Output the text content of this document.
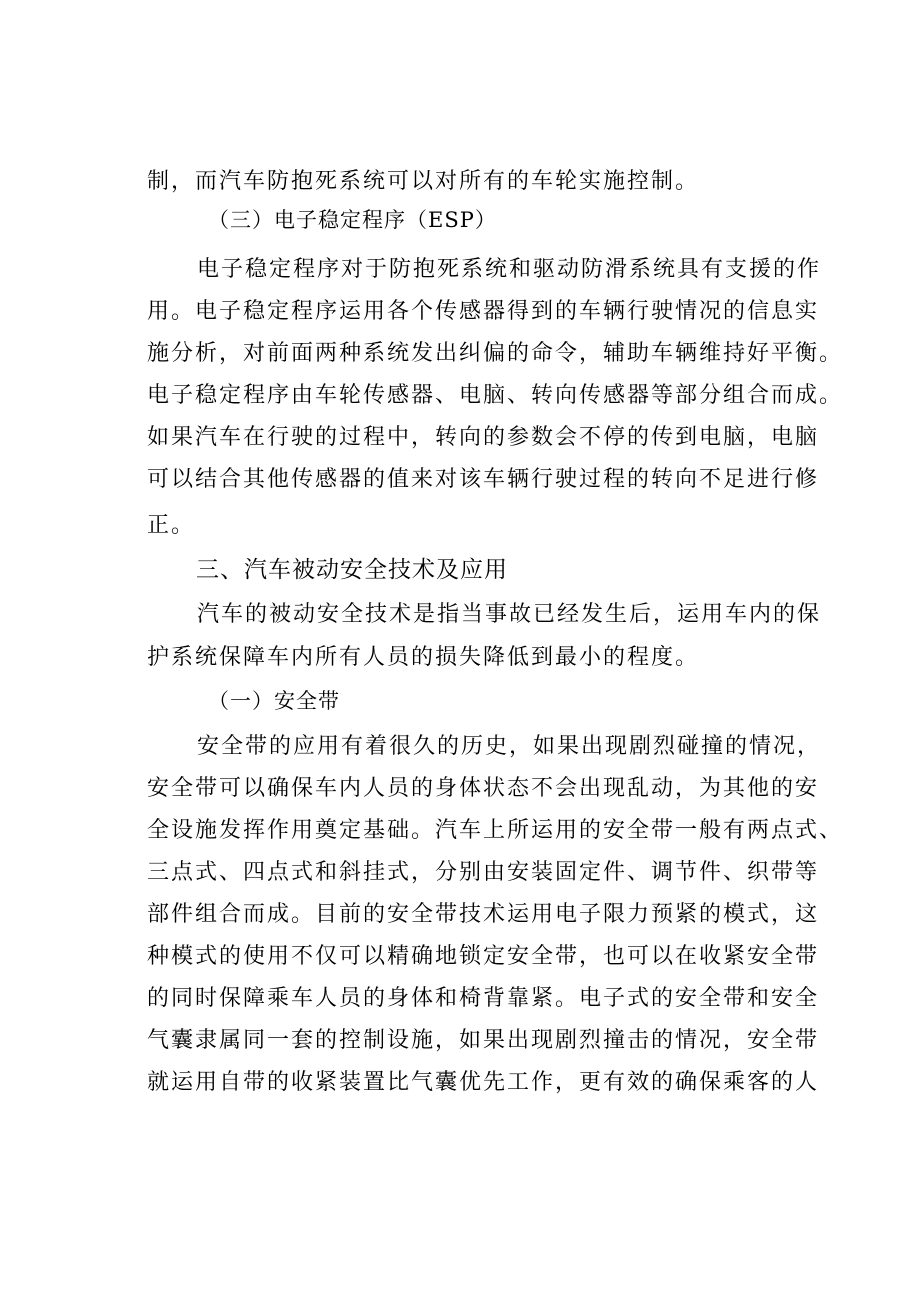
制，而汽车防抱死系统可以对所有的车轮实施控制。
（三）电子稳定程序（ESP）
电子稳定程序对于防抱死系统和驱动防滑系统具有支援的作
用。电子稳定程序运用各个传感器得到的车辆行驶情况的信息实
施分析，对前面两种系统发出纠偏的命令，辅助车辆维持好平衡。
电子稳定程序由车轮传感器、电脑、转向传感器等部分组合而成。
如果汽车在行驶的过程中，转向的参数会不停的传到电脑，电脑
可以结合其他传感器的值来对该车辆行驶过程的转向不足进行修
正。
三、汽车被动安全技术及应用
汽车的被动安全技术是指当事故已经发生后，运用车内的保
护系统保障车内所有人员的损失降低到最小的程度。
（一）安全带
安全带的应用有着很久的历史，如果出现剧烈碰撞的情况，
安全带可以确保车内人员的身体状态不会出现乱动，为其他的安
全设施发挥作用奠定基础。汽车上所运用的安全带一般有两点式、
三点式、四点式和斜挂式，分别由安装固定件、调节件、织带等
部件组合而成。目前的安全带技术运用电子限力预紧的模式，这
种模式的使用不仅可以精确地锁定安全带，也可以在收紧安全带
的同时保障乘车人员的身体和椅背靠紧。电子式的安全带和安全
气囊隶属同一套的控制设施，如果出现剧烈撞击的情况，安全带
就运用自带的收紧装置比气囊优先工作，更有效的确保乘客的人
